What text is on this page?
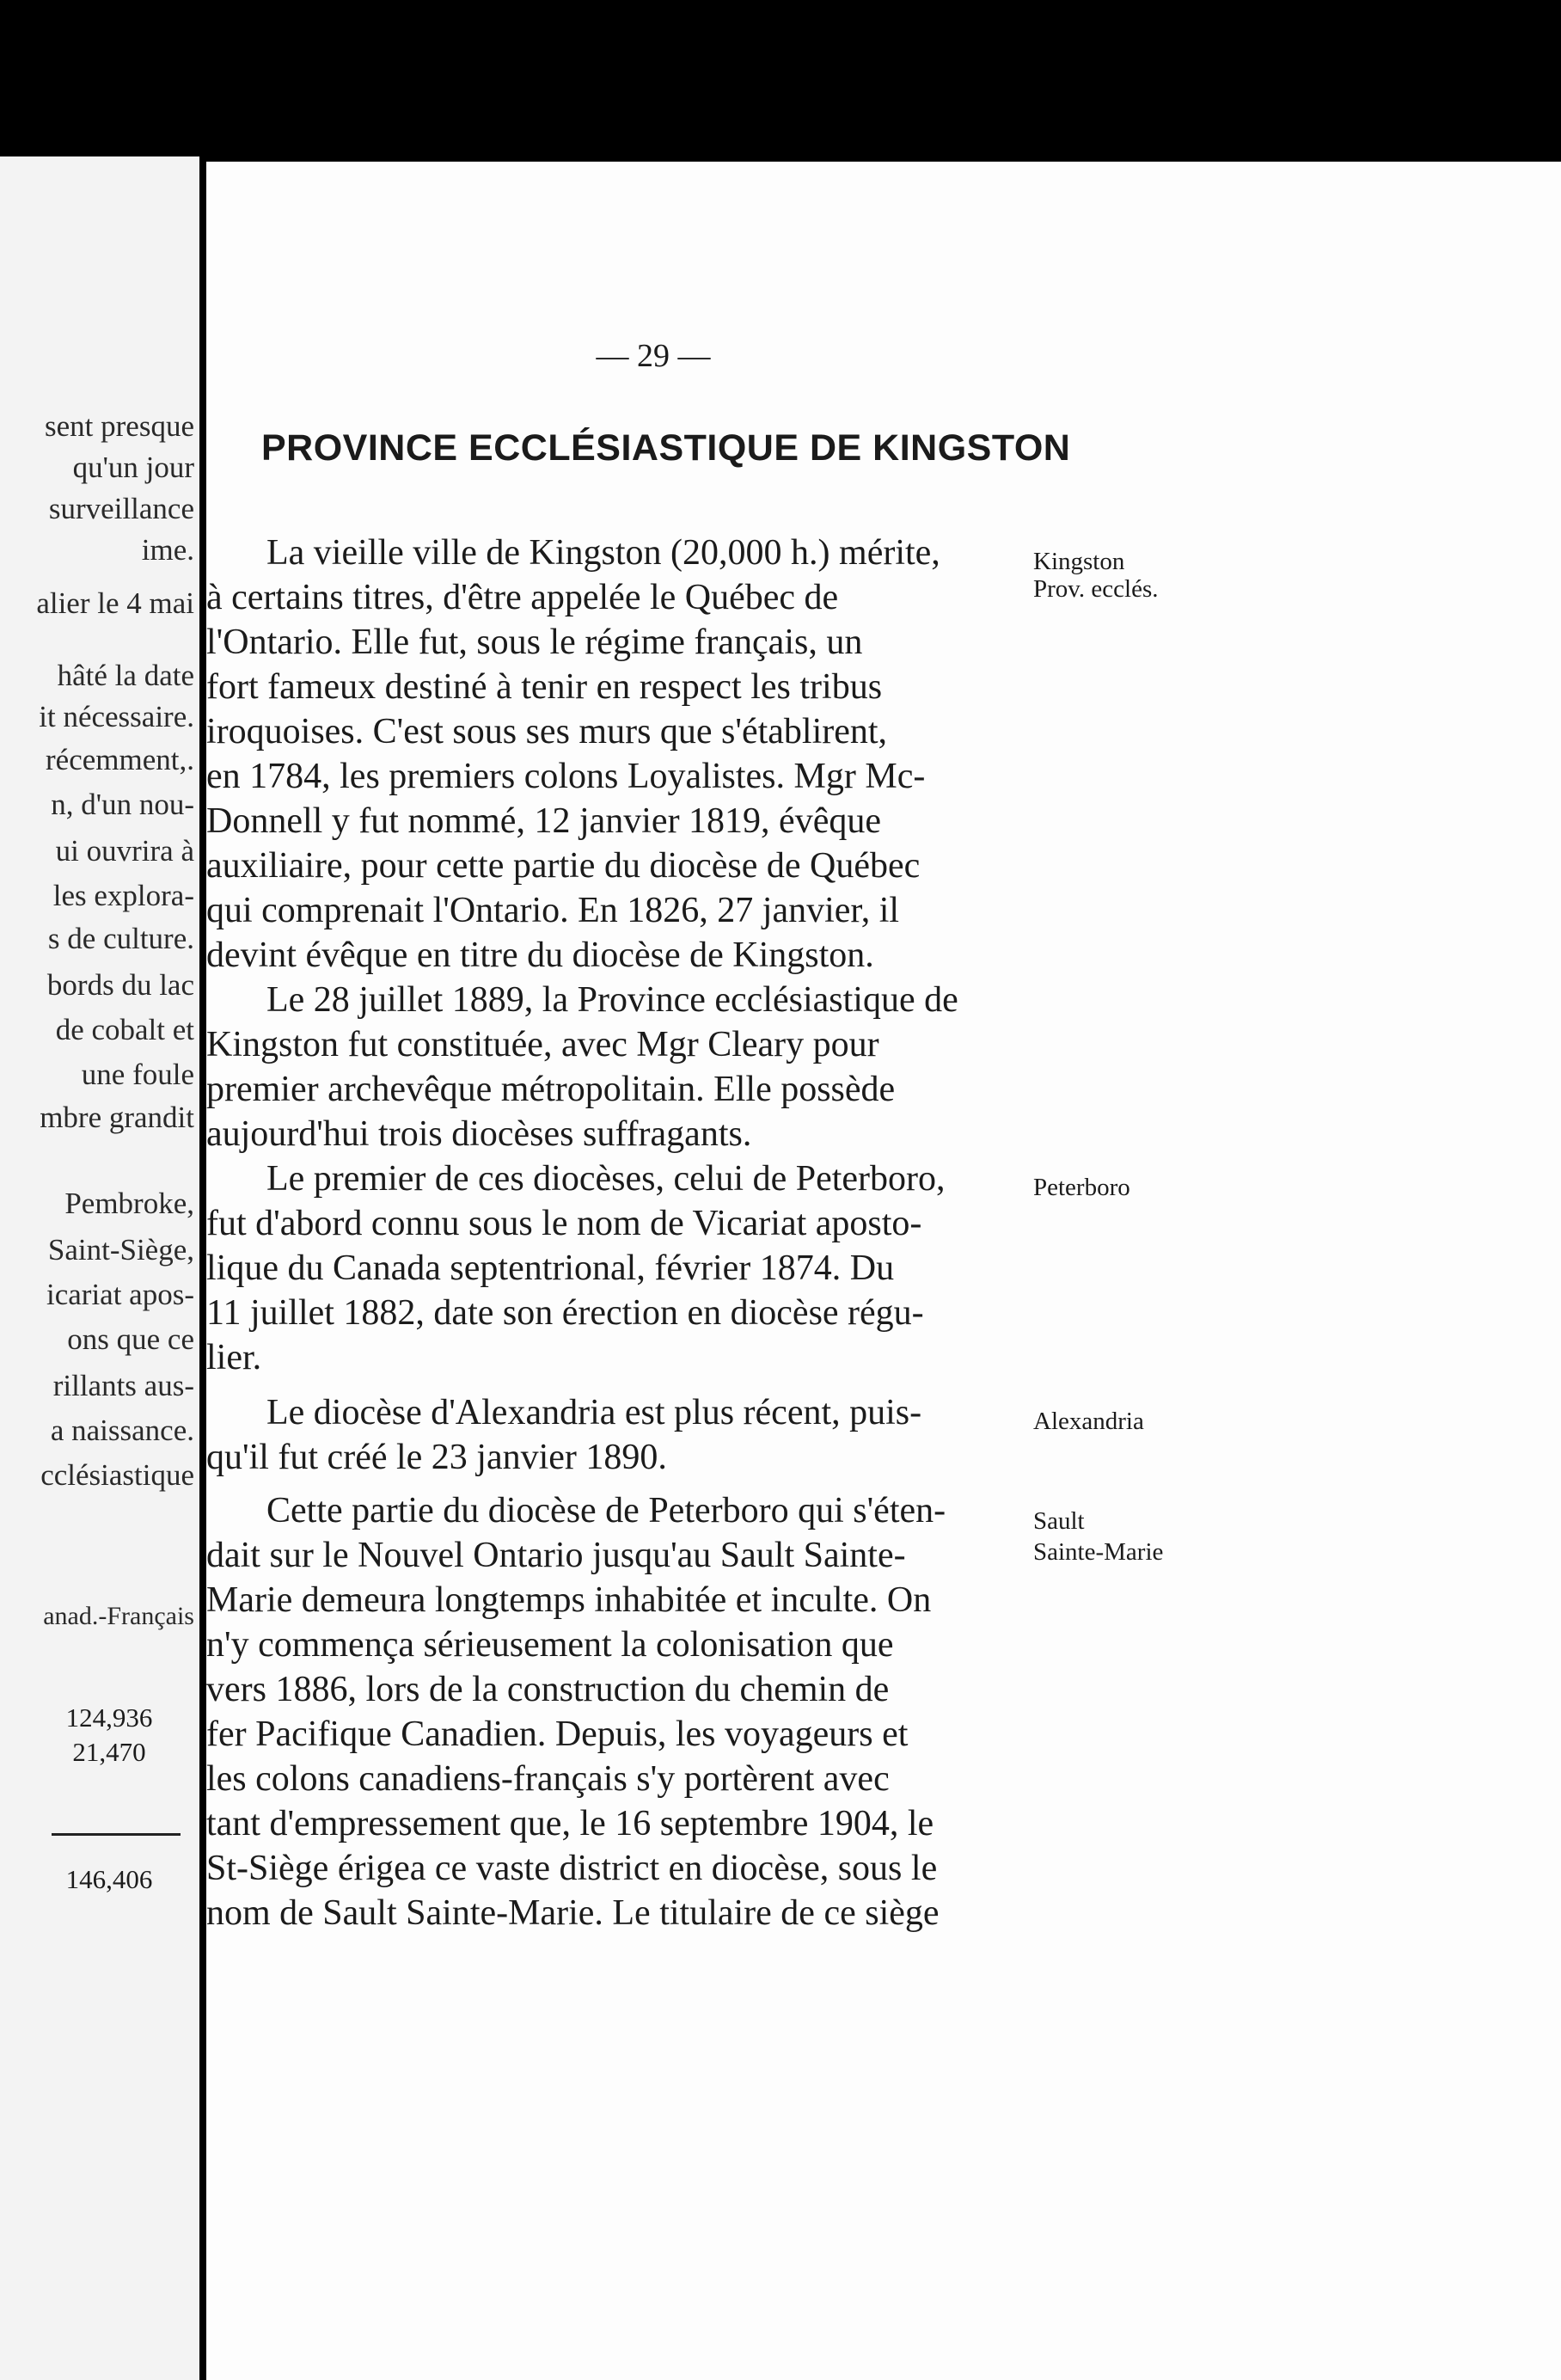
sent presque
qu'un jour
surveillance
ime.
alier le 4 mai
hâté la date
it nécessaire.
récemment,.
n, d'un nou-
ui ouvrira à
les explora-
s de culture.
bords du lac
de cobalt et
une foule
mbre grandit
Pembroke,
Saint-Siège,
icariat apos-
ons que ce
rillants aus-
a naissance.
cclésiastique
anad.-Français
124,936
21,470
146,406
— 29 —
PROVINCE ECCLÉSIASTIQUE DE KINGSTON
La vieille ville de Kingston (20,000 h.) mérite,
à certains titres, d'être appelée le Québec de
l'Ontario. Elle fut, sous le régime français, un
fort fameux destiné à tenir en respect les tribus
iroquoises. C'est sous ses murs que s'établirent,
en 1784, les premiers colons Loyalistes. Mgr Mc-
Donnell y fut nommé, 12 janvier 1819, évêque
auxiliaire, pour cette partie du diocèse de Québec
qui comprenait l'Ontario. En 1826, 27 janvier, il
devint évêque en titre du diocèse de Kingston.
Le 28 juillet 1889, la Province ecclésiastique de
Kingston fut constituée, avec Mgr Cleary pour
premier archevêque métropolitain. Elle possède
aujourd'hui trois diocèses suffragants.
Le premier de ces diocèses, celui de Peterboro,
fut d'abord connu sous le nom de Vicariat aposto-
lique du Canada septentrional, février 1874. Du
11 juillet 1882, date son érection en diocèse régu-
lier.
Le diocèse d'Alexandria est plus récent, puis-
qu'il fut créé le 23 janvier 1890.
Cette partie du diocèse de Peterboro qui s'éten-
dait sur le Nouvel Ontario jusqu'au Sault Sainte-
Marie demeura longtemps inhabitée et inculte. On
n'y commença sérieusement la colonisation que
vers 1886, lors de la construction du chemin de
fer Pacifique Canadien. Depuis, les voyageurs et
les colons canadiens-français s'y portèrent avec
tant d'empressement que, le 16 septembre 1904, le
St-Siège érigea ce vaste district en diocèse, sous le
nom de Sault Sainte-Marie. Le titulaire de ce siège
Kingston
Prov. ecclés.
Peterboro
Alexandria
Sault
Sainte-Marie
